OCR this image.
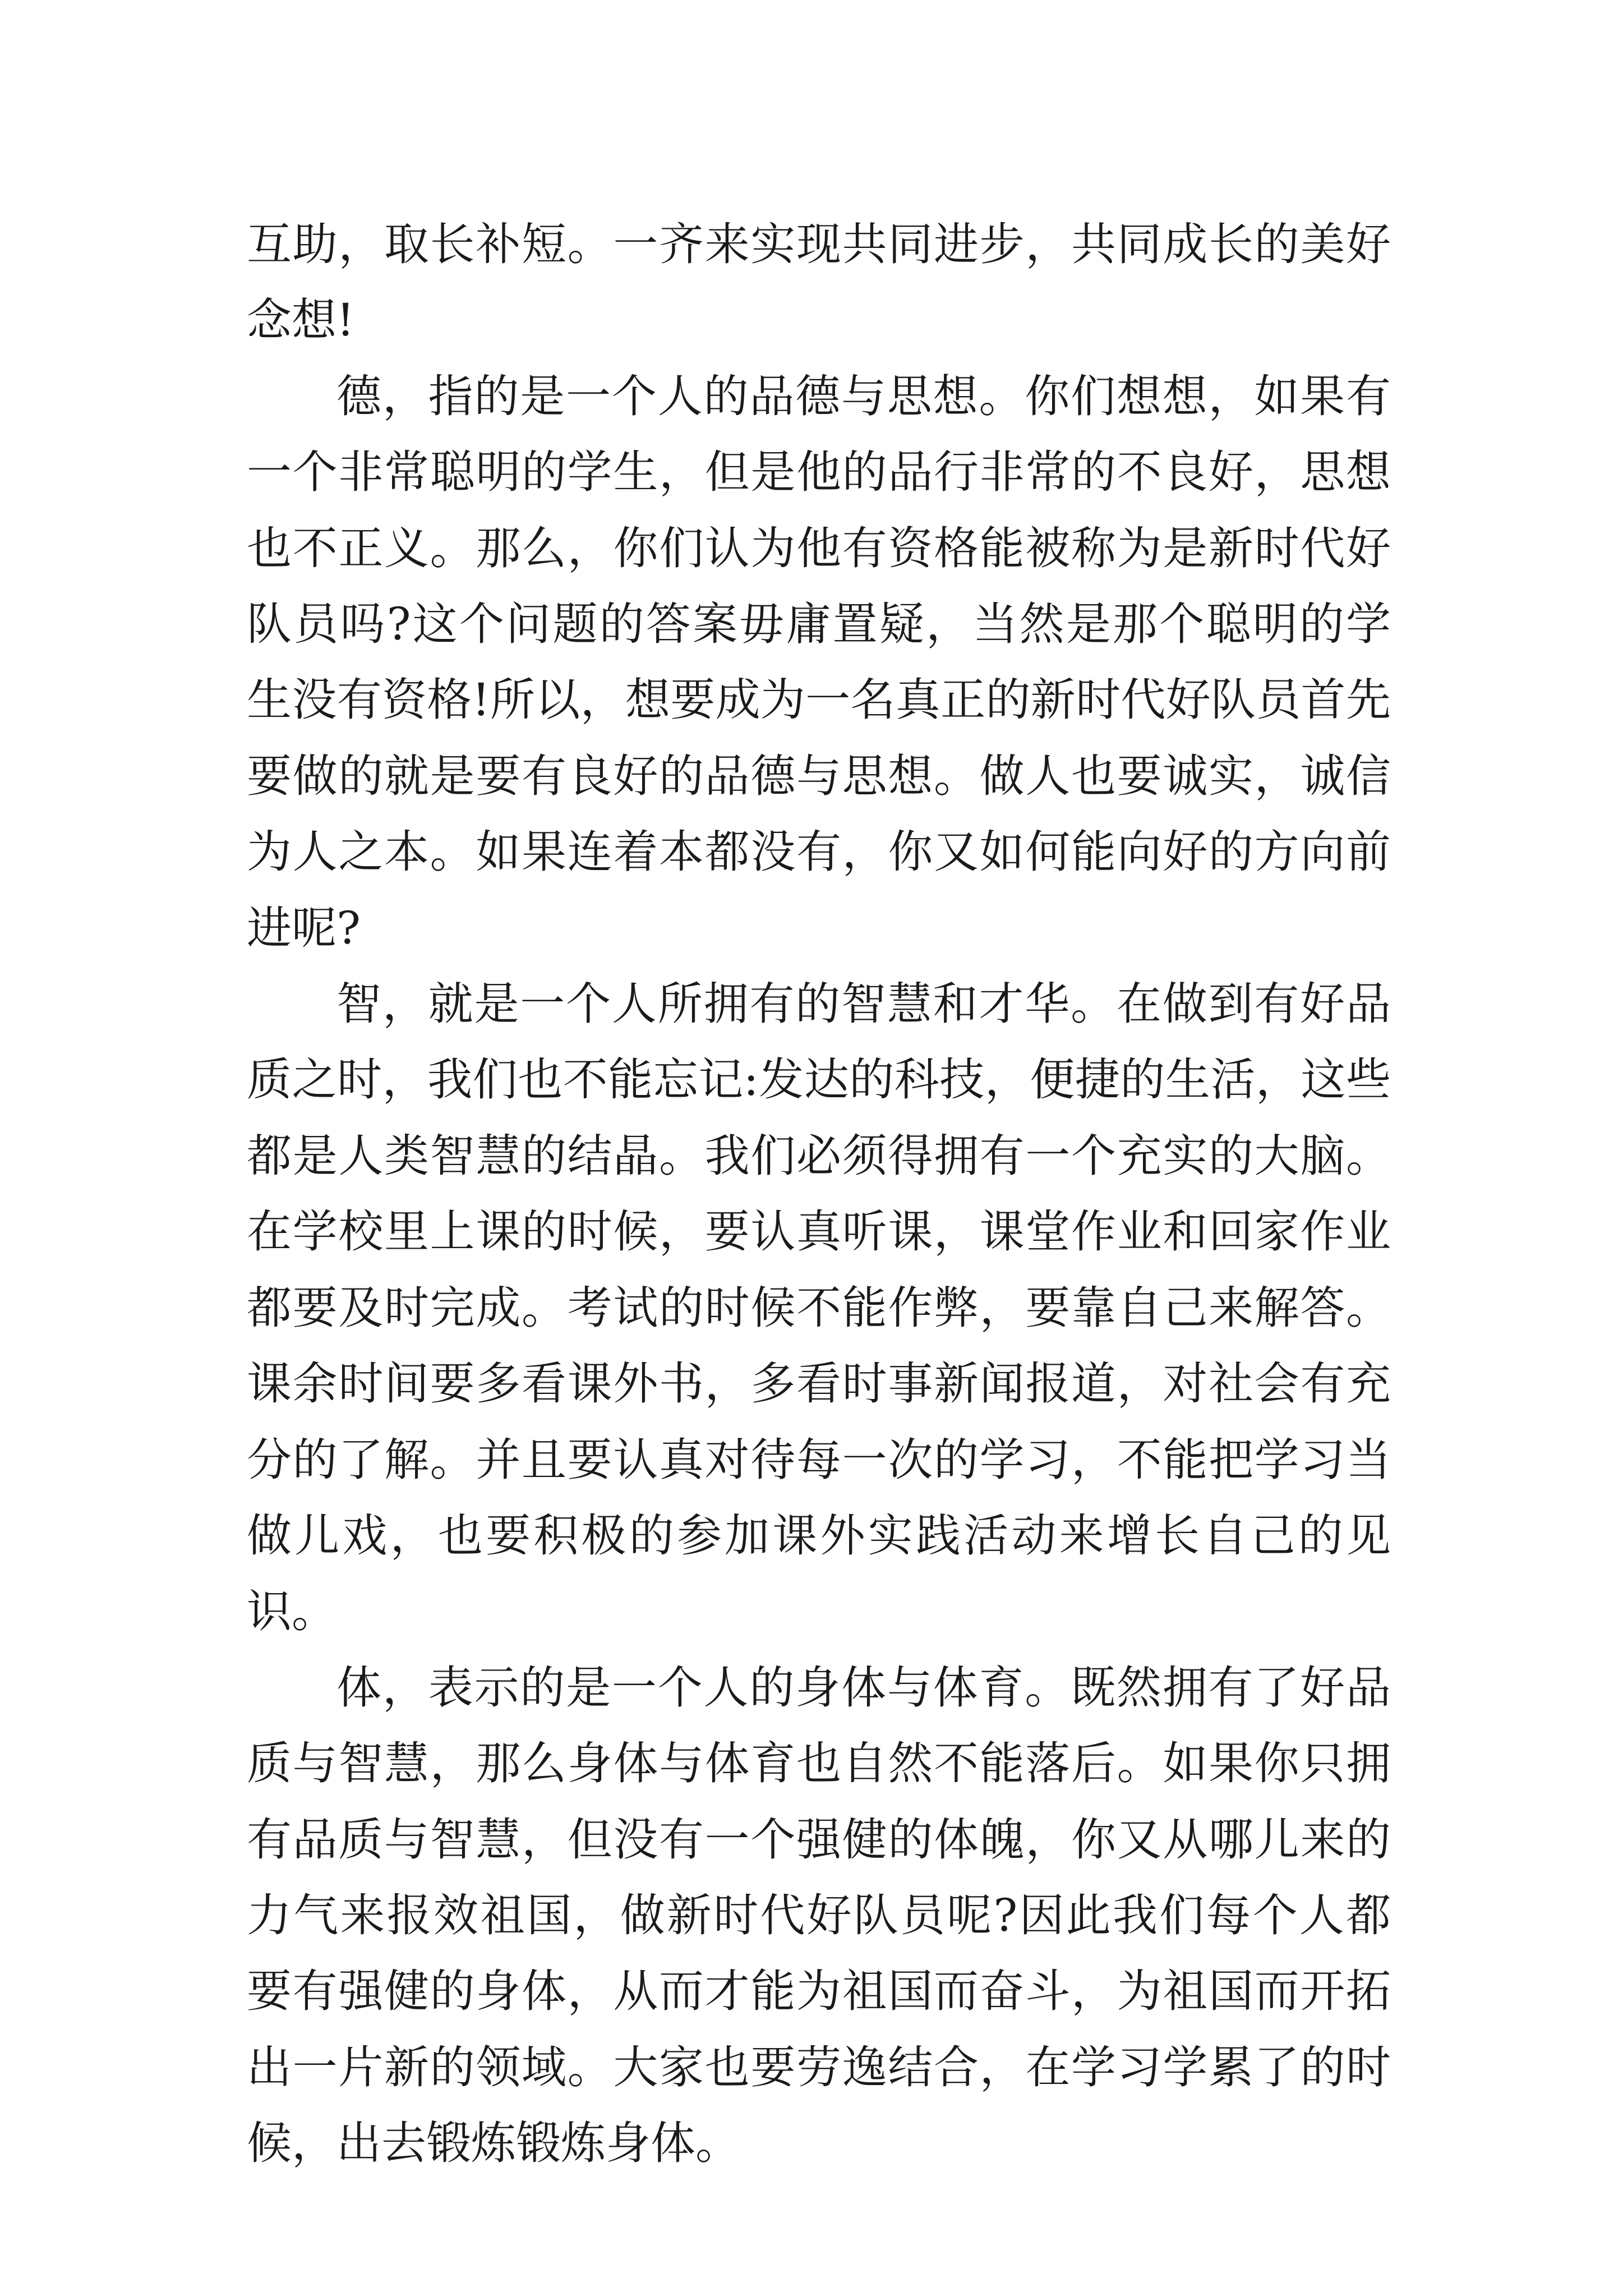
互助，取长补短。一齐来实现共同进步，共同成长的美好念想!

德，指的是一个人的品德与思想。你们想想，如果有一个非常聪明的学生，但是他的品行非常的不良好，思想也不正义。那么，你们认为他有资格能被称为是新时代好队员吗?这个问题的答案毋庸置疑，当然是那个聪明的学生没有资格!所以，想要成为一名真正的新时代好队员首先要做的就是要有良好的品德与思想。做人也要诚实，诚信为人之本。如果连着本都没有，你又如何能向好的方向前进呢?

智，就是一个人所拥有的智慧和才华。在做到有好品质之时，我们也不能忘记:发达的科技，便捷的生活，这些都是人类智慧的结晶。我们必须得拥有一个充实的大脑。在学校里上课的时候，要认真听课，课堂作业和回家作业都要及时完成。考试的时候不能作弊，要靠自己来解答。课余时间要多看课外书，多看时事新闻报道，对社会有充分的了解。并且要认真对待每一次的学习，不能把学习当做儿戏，也要积极的参加课外实践活动来增长自己的见识。

体，表示的是一个人的身体与体育。既然拥有了好品质与智慧，那么身体与体育也自然不能落后。如果你只拥有品质与智慧，但没有一个强健的体魄，你又从哪儿来的力气来报效祖国，做新时代好队员呢?因此我们每个人都要有强健的身体，从而才能为祖国而奋斗，为祖国而开拓出一片新的领域。大家也要劳逸结合，在学习学累了的时候，出去锻炼锻炼身体。
